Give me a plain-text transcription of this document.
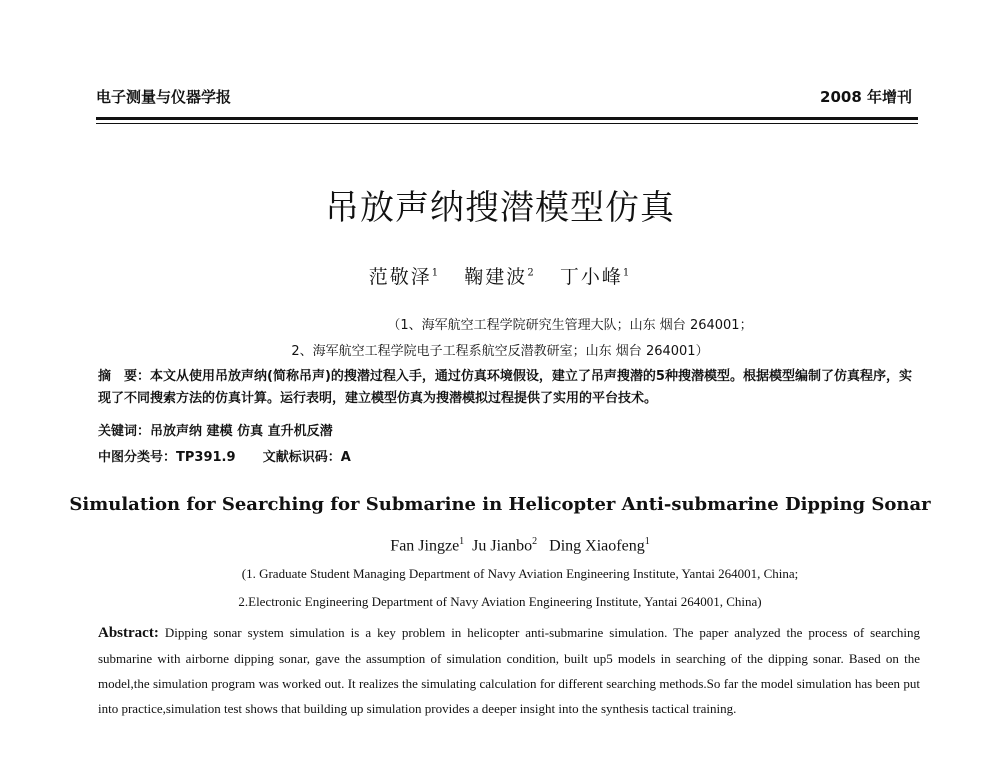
电子测量与仪器学报	2008 年增刊
吊放声纳搜潜模型仿真
范敬泽$^1$ 鞠建波$^2$ 丁小峰$^1$
（1、海军航空工程学院研究生管理大队；山东 烟台 264001；
2、海军航空工程学院电子工程系航空反潜教研室；山东 烟台 264001）
摘　要：本文从使用吊放声纳(简称吊声)的搜潜过程入手，通过仿真环境假设，建立了吊声搜潜的5种搜潜模型。根据模型编制了仿真程序，实现了不同搜索方法的仿真计算。运行表明，建立模型仿真为搜潜模拟过程提供了实用的平台技术。
关键词：吊放声纳 建模 仿真 直升机反潜
中图分类号：TP391.9 文献标识码：A
Simulation for Searching for Submarine in Helicopter Anti-submarine Dipping Sonar
Fan Jingze$^1$ Ju Jianbo$^2$ Ding Xiaofeng$^1$
(1. Graduate Student Managing Department of Navy Aviation Engineering Institute, Yantai 264001, China;
2.Electronic Engineering Department of Navy Aviation Engineering Institute, Yantai 264001, China)
Abstract: Dipping sonar system simulation is a key problem in helicopter anti-submarine simulation. The paper analyzed the process of searching submarine with airborne dipping sonar, gave the assumption of simulation condition, built up5 models in searching of the dipping sonar. Based on the model,the simulation program was worked out. It realizes the simulating calculation for different searching methods.So far the model simulation has been put into practice,simulation test shows that building up simulation provides a deeper insight into the synthesis tactical training.
